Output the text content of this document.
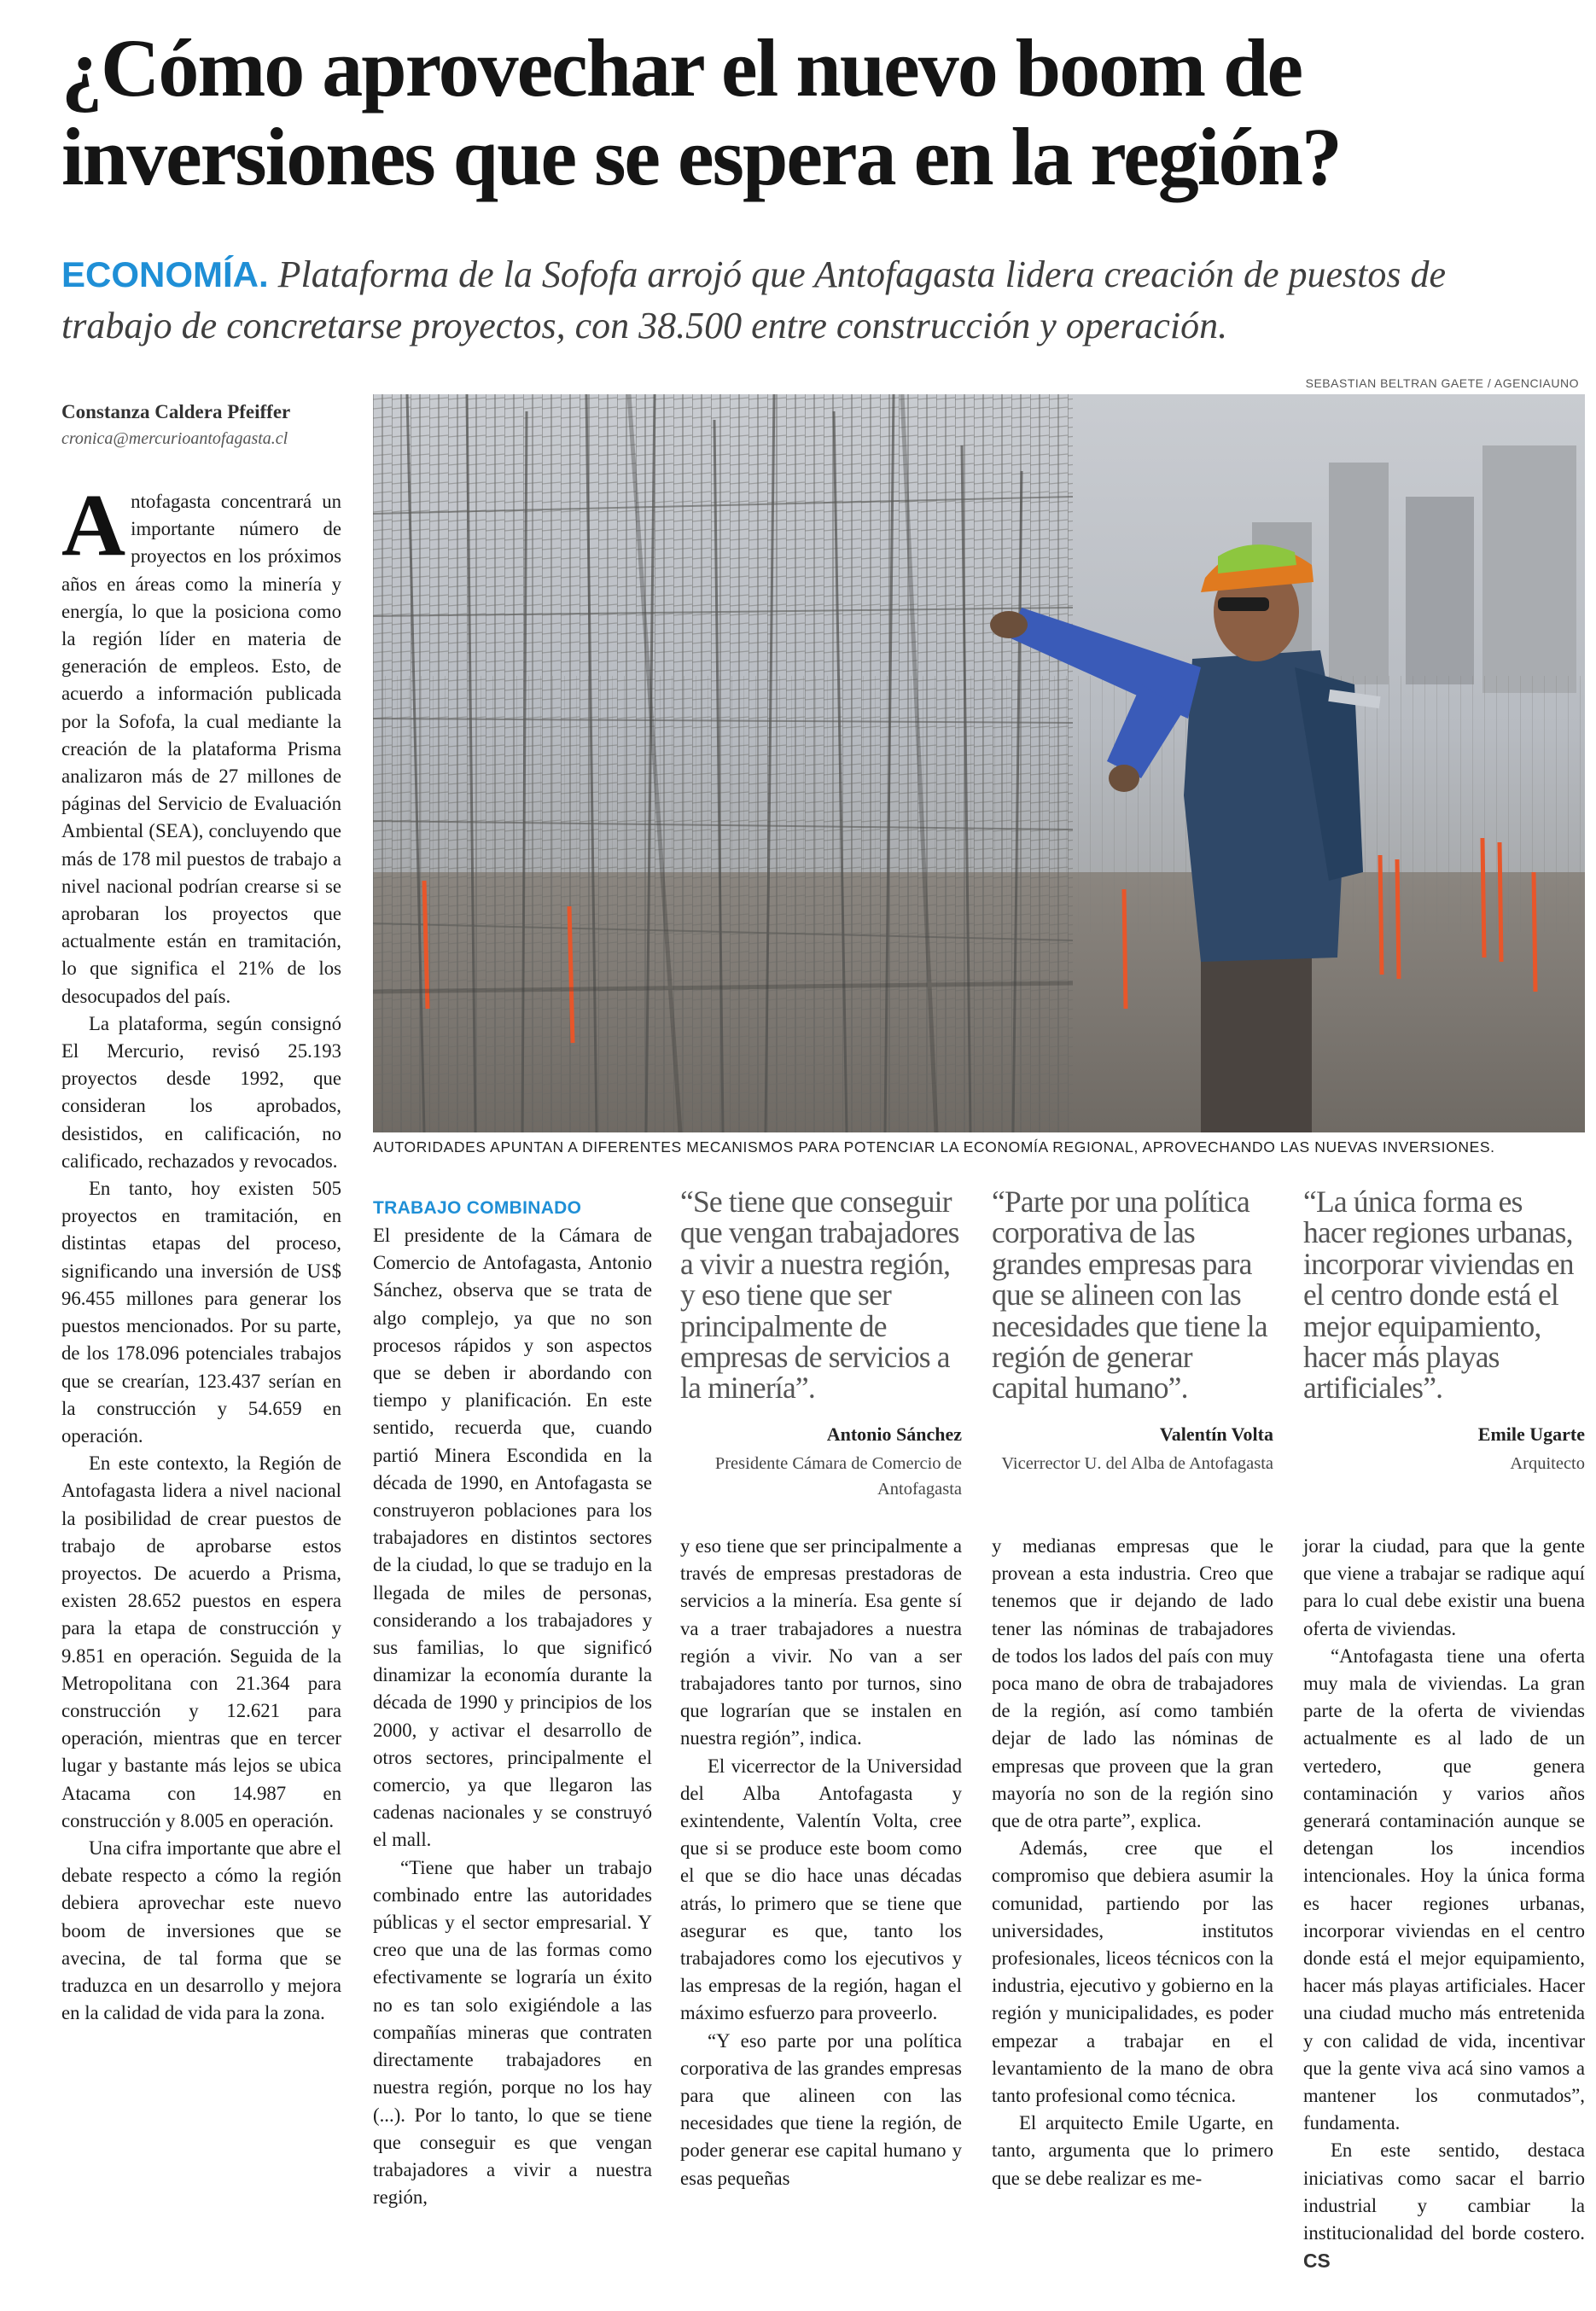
¿Cómo aprovechar el nuevo boom de inversiones que se espera en la región?
ECONOMÍA. Plataforma de la Sofofa arrojó que Antofagasta lidera creación de puestos de trabajo de concretarse proyectos, con 38.500 entre construcción y operación.
SEBASTIAN BELTRAN GAETE / AGENCIAUNO
Constanza Caldera Pfeiffer
cronica@mercurioantofagasta.cl

Antofagasta concentrará un importante número de proyectos en los próximos años en áreas como la minería y energía, lo que la posiciona como la región líder en materia de generación de empleos. Esto, de acuerdo a información publicada por la Sofofa, la cual mediante la creación de la plataforma Prisma analizaron más de 27 millones de páginas del Servicio de Evaluación Ambiental (SEA), concluyendo que más de 178 mil puestos de trabajo a nivel nacional podrían crearse si se aprobaran los proyectos que actualmente están en tramitación, lo que significa el 21% de los desocupados del país.

La plataforma, según consignó El Mercurio, revisó 25.193 proyectos desde 1992, que consideran los aprobados, desistidos, en calificación, no calificado, rechazados y revocados.

En tanto, hoy existen 505 proyectos en tramitación, en distintas etapas del proceso, significando una inversión de US$ 96.455 millones para generar los puestos mencionados. Por su parte, de los 178.096 potenciales trabajos que se crearían, 123.437 serían en la construcción y 54.659 en operación.

En este contexto, la Región de Antofagasta lidera a nivel nacional la posibilidad de crear puestos de trabajo de aprobarse estos proyectos. De acuerdo a Prisma, existen 28.652 puestos en espera para la etapa de construcción y 9.851 en operación. Seguida de la Metropolitana con 21.364 para construcción y 12.621 para operación, mientras que en tercer lugar y bastante más lejos se ubica Atacama con 14.987 en construcción y 8.005 en operación.

Una cifra importante que abre el debate respecto a cómo la región debiera aprovechar este nuevo boom de inversiones que se avecina, de tal forma que se traduzca en un desarrollo y mejora en la calidad de vida para la zona.

AUTORIDADES APUNTAN A DIFERENTES MECANISMOS PARA POTENCIAR LA ECONOMÍA REGIONAL, APROVECHANDO LAS NUEVAS INVERSIONES.
TRABAJO COMBINADO

El presidente de la Cámara de Comercio de Antofagasta, Antonio Sánchez, observa que se trata de algo complejo, ya que no son procesos rápidos y son aspectos que se deben ir abordando con tiempo y planificación. En este sentido, recuerda que, cuando partió Minera Escondida en la década de 1990, en Antofagasta se construyeron poblaciones para los trabajadores en distintos sectores de la ciudad, lo que se tradujo en la llegada de miles de personas, considerando a los trabajadores y sus familias, lo que significó dinamizar la economía durante la década de 1990 y principios de los 2000, y activar el desarrollo de otros sectores, principalmente el comercio, ya que llegaron las cadenas nacionales y se construyó el mall.

“Tiene que haber un trabajo combinado entre las autoridades públicas y el sector empresarial. Y creo que una de las formas como efectivamente se lograría un éxito no es tan solo exigiéndole a las compañías mineras que contraten directamente trabajadores en nuestra región, porque no los hay (...). Por lo tanto, lo que se tiene que conseguir es que vengan trabajadores a vivir a nuestra región,

“Se tiene que conseguir que vengan trabajadores a vivir a nuestra región, y eso tiene que ser principalmente de empresas de servicios a la minería”.
Antonio Sánchez
Presidente Cámara de Comercio de Antofagasta
“Parte por una política corporativa de las grandes empresas para que se alineen con las necesidades que tiene la región de generar capital humano”.
Valentín Volta
Vicerrector U. del Alba de Antofagasta
“La única forma es hacer regiones urbanas, incorporar viviendas en el centro donde está el mejor equipamiento, hacer más playas artificiales”.
Emile Ugarte
Arquitecto

y eso tiene que ser principalmente a través de empresas prestadoras de servicios a la minería. Esa gente sí va a traer trabajadores a nuestra región a vivir. No van a ser trabajadores tanto por turnos, sino que lograrían que se instalen en nuestra región”, indica.

El vicerrector de la Universidad del Alba Antofagasta y exintendente, Valentín Volta, cree que si se produce este boom como el que se dio hace unas décadas atrás, lo primero que se tiene que asegurar es que, tanto los trabajadores como los ejecutivos y las empresas de la región, hagan el máximo esfuerzo para proveerlo.

“Y eso parte por una política corporativa de las grandes empresas para que alineen con las necesidades que tiene la región, de poder generar ese capital humano y esas pequeñas

y medianas empresas que le provean a esta industria. Creo que tenemos que ir dejando de lado tener las nóminas de trabajadores de todos los lados del país con muy poca mano de obra de trabajadores de la región, así como también dejar de lado las nóminas de empresas que proveen que la gran mayoría no son de la región sino que de otra parte”, explica.

Además, cree que el compromiso que debiera asumir la comunidad, partiendo por las universidades, institutos profesionales, liceos técnicos con la industria, ejecutivo y gobierno en la región y municipalidades, es poder empezar a trabajar en el levantamiento de la mano de obra tanto profesional como técnica.

El arquitecto Emile Ugarte, en tanto, argumenta que lo primero que se debe realizar es me-

jorar la ciudad, para que la gente que viene a trabajar se radique aquí para lo cual debe existir una buena oferta de viviendas.

“Antofagasta tiene una oferta muy mala de viviendas. La gran parte de la oferta de viviendas actualmente es al lado de un vertedero, que genera contaminación y varios años generará contaminación aunque se detengan los incendios intencionales. Hoy la única forma es hacer regiones urbanas, incorporar viviendas en el centro donde está el mejor equipamiento, hacer más playas artificiales. Hacer una ciudad mucho más entretenida y con calidad de vida, incentivar que la gente viva acá sino vamos a mantener los conmutados”, fundamenta.

En este sentido, destaca iniciativas como sacar el barrio industrial y cambiar la institucionalidad del borde costero. CS
